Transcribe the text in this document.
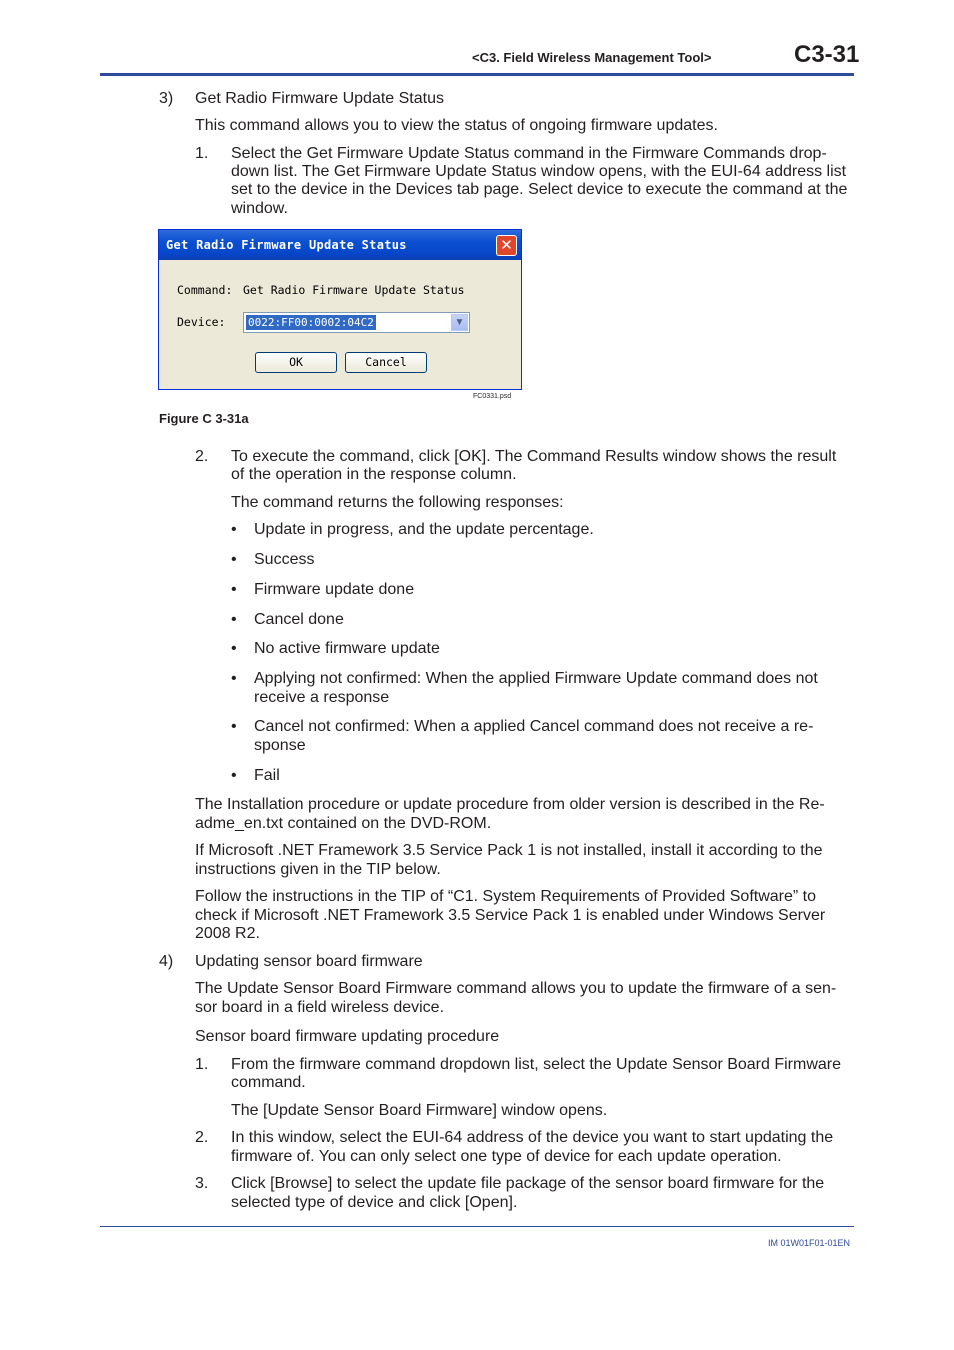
<C3. Field Wireless Management Tool>	C3-31
3) Get Radio Firmware Update Status
This command allows you to view the status of ongoing firmware updates.
1. Select the Get Firmware Update Status command in the Firmware Commands drop-
down list. The Get Firmware Update Status window opens, with the EUI-64 address list
set to the device in the Devices tab page. Select device to execute the command at the
window.
Get Radio Firmware Update Status	✕
Command: Get Radio Firmware Update Status
Device: 0022:FF00:0002:04C2	▼
OK	Cancel
FC0331.psd
Figure C 3-31a
2. To execute the command, click [OK]. The Command Results window shows the result
of the operation in the response column.
The command returns the following responses:
• Update in progress, and the update percentage.
• Success
• Firmware update done
• Cancel done
• No active firmware update
• Applying not confirmed: When the applied Firmware Update command does not
receive a response
• Cancel not confirmed: When a applied Cancel command does not receive a re-
sponse
• Fail
The Installation procedure or update procedure from older version is described in the Re-
adme_en.txt contained on the DVD-ROM.
If Microsoft .NET Framework 3.5 Service Pack 1 is not installed, install it according to the
instructions given in the TIP below.
Follow the instructions in the TIP of “C1. System Requirements of Provided Software” to
check if Microsoft .NET Framework 3.5 Service Pack 1 is enabled under Windows Server
2008 R2.
4) Updating sensor board firmware
The Update Sensor Board Firmware command allows you to update the firmware of a sen-
sor board in a field wireless device.
Sensor board firmware updating procedure
1. From the firmware command dropdown list, select the Update Sensor Board Firmware
command.
The [Update Sensor Board Firmware] window opens.
2. In this window, select the EUI-64 address of the device you want to start updating the
firmware of. You can only select one type of device for each update operation.
3. Click [Browse] to select the update file package of the sensor board firmware for the
selected type of device and click [Open].
IM 01W01F01-01EN
